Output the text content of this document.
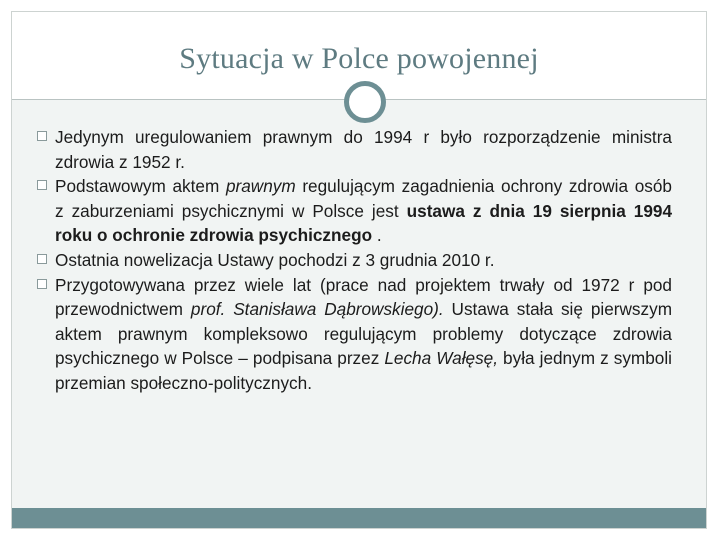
Sytuacja w Polce powojennej

Jedynym uregulowaniem prawnym do 1994 r było rozporządzenie ministra zdrowia z 1952 r.

Podstawowym aktem prawnym regulującym zagadnienia ochrony zdrowia osób z zaburzeniami psychicznymi w Polsce jest ustawa z dnia 19 sierpnia 1994 roku o ochronie zdrowia psychicznego .

Ostatnia nowelizacja Ustawy pochodzi z 3 grudnia 2010 r.

Przygotowywana przez wiele lat (prace nad projektem trwały od 1972 r pod przewodnictwem prof. Stanisława Dąbrowskiego). Ustawa stała się pierwszym aktem prawnym kompleksowo regulującym problemy dotyczące zdrowia psychicznego w Polsce – podpisana przez Lecha Wałęsę, była jednym z symboli przemian społeczno-politycznych.
